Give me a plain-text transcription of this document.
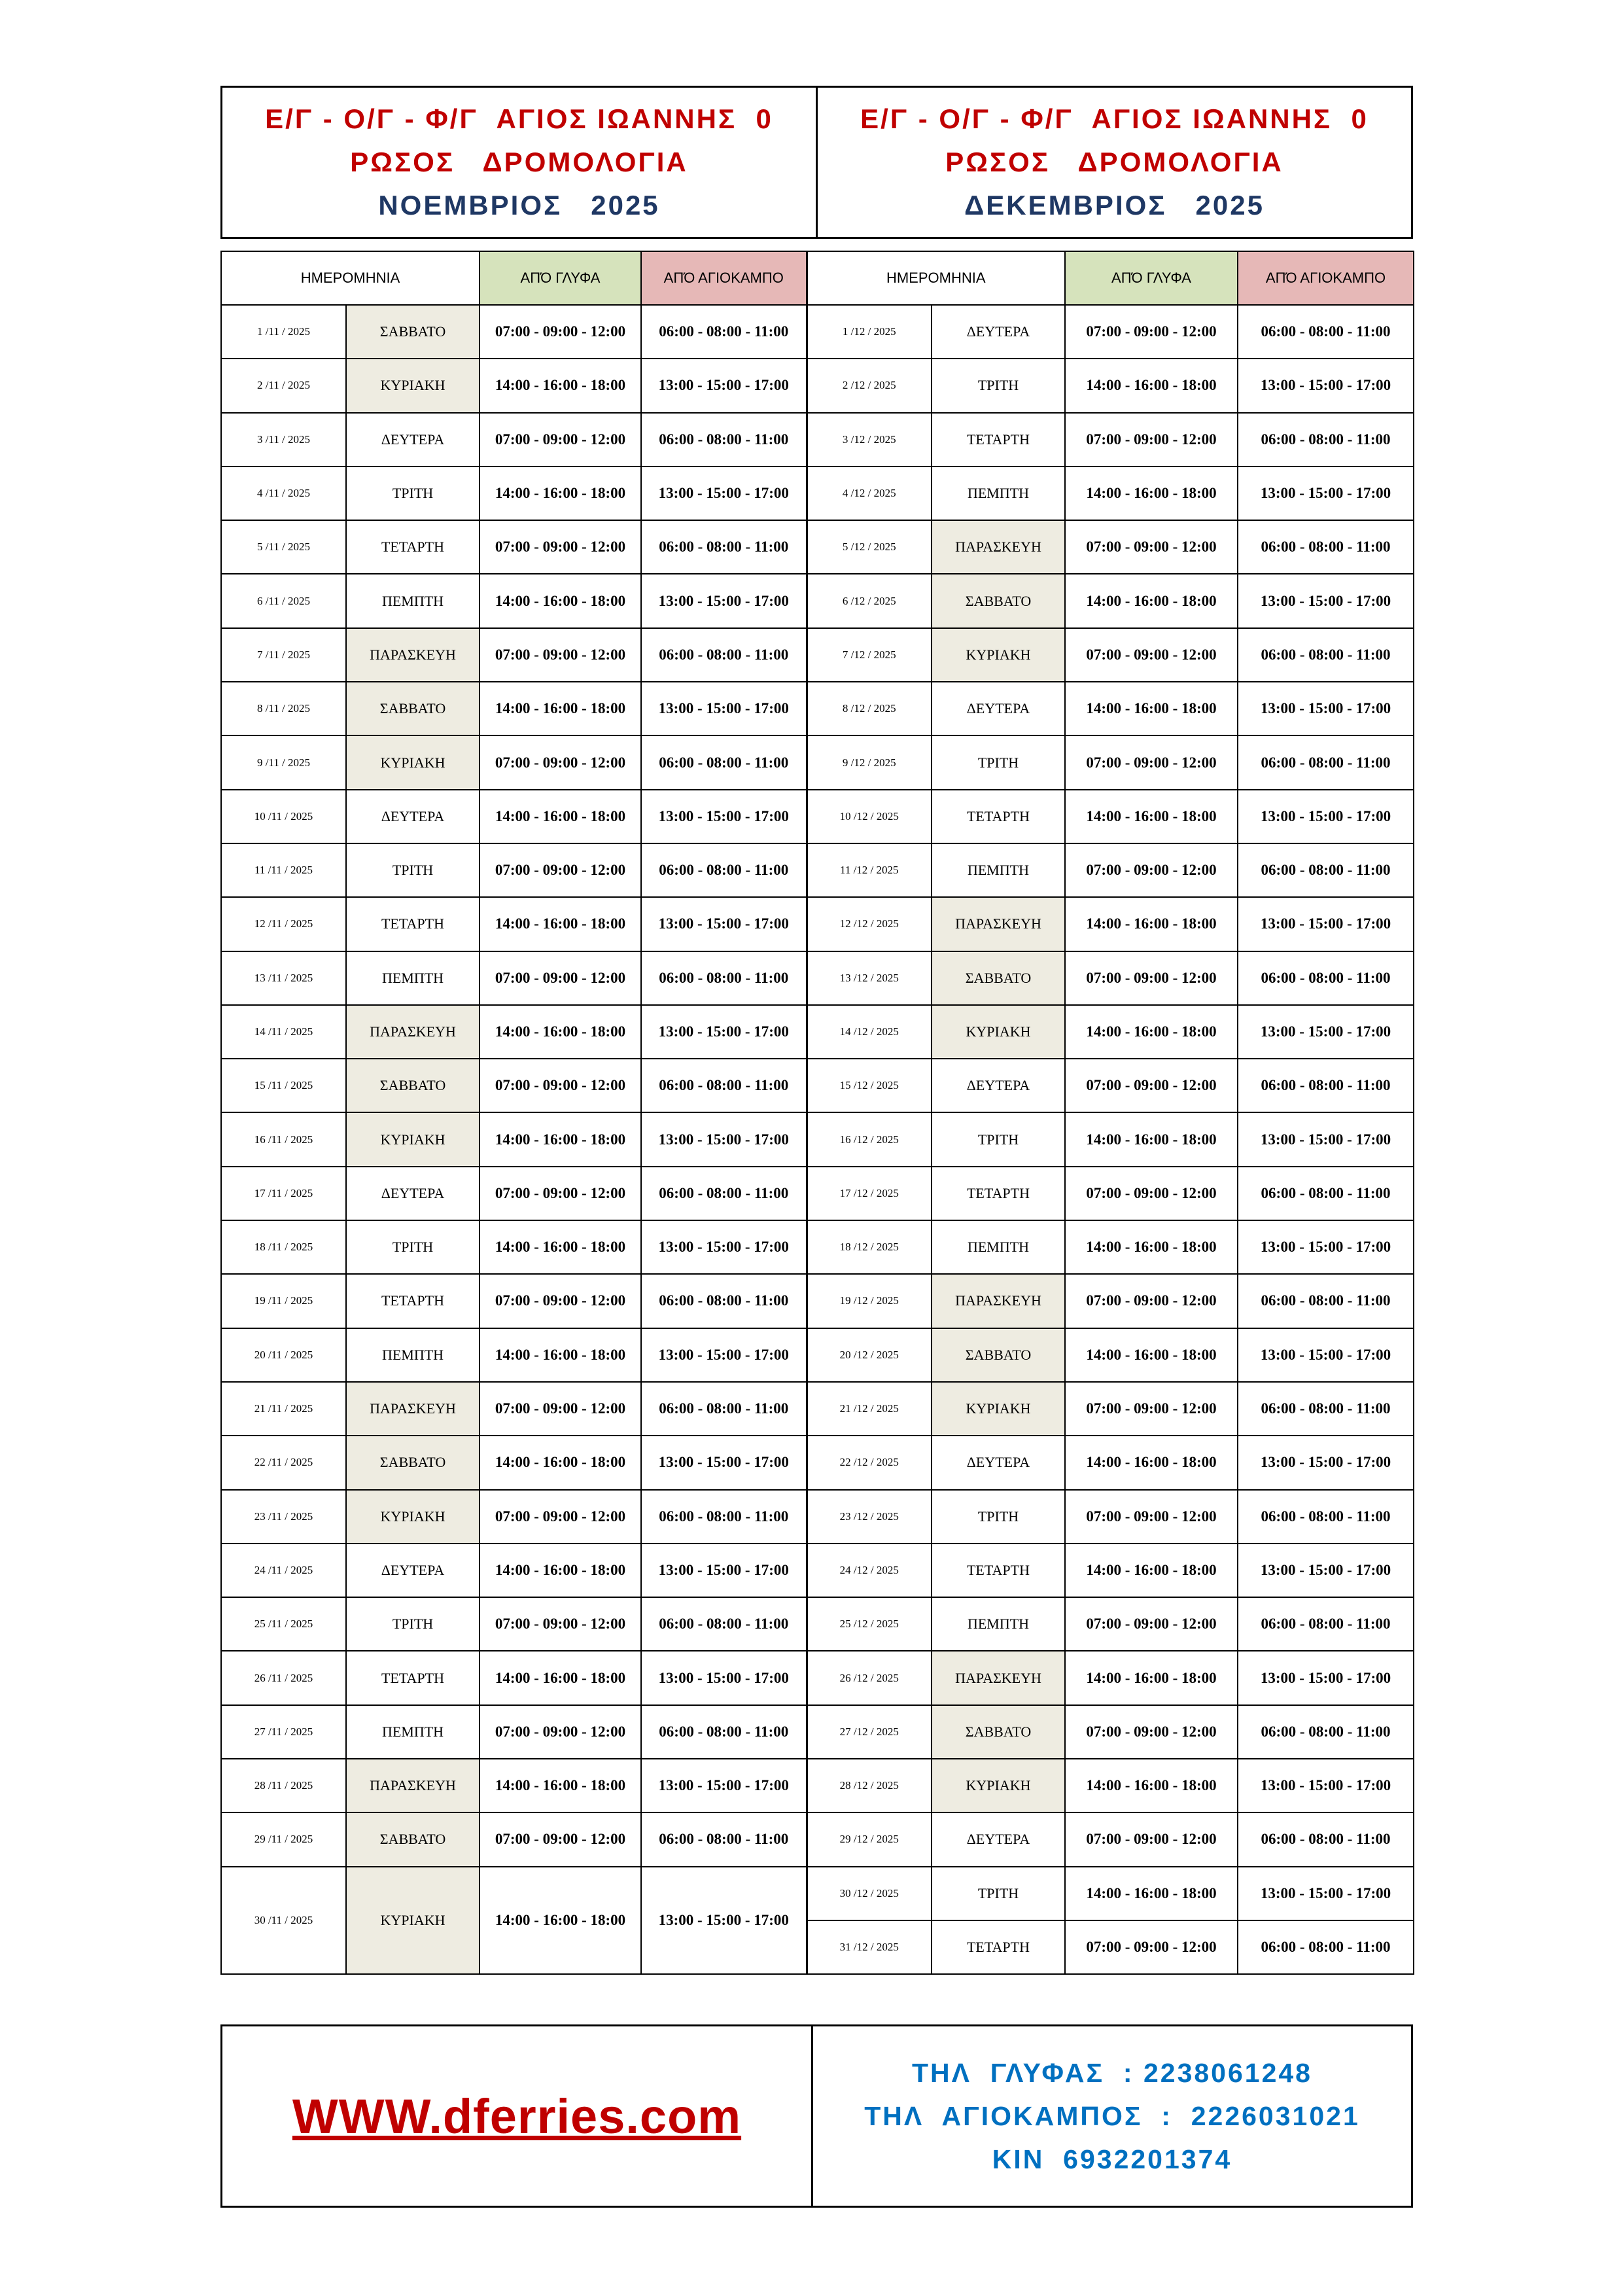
Ε/Γ - Ο/Γ - Φ/Γ  ΑΓΙΟΣ ΙΩΑΝΝΗΣ  0
ΡΩΣΟΣ   ΔΡΟΜΟΛΟΓΙΑ
ΝΟΕΜΒΡΙΟΣ   2025
Ε/Γ - Ο/Γ - Φ/Γ  ΑΓΙΟΣ ΙΩΑΝΝΗΣ  0
ΡΩΣΟΣ   ΔΡΟΜΟΛΟΓΙΑ
ΔΕΚΕΜΒΡΙΟΣ   2025
ΗΜΕΡΟΜΗΝΙΑ		ΑΠΌ ΓΛΥΦΑ	ΑΠΌ ΑΓΙΟΚΑΜΠΟ	ΗΜΕΡΟΜΗΝΙΑ		ΑΠΌ ΓΛΥΦΑ	ΑΠΌ ΑΓΙΟΚΑΜΠΟ
1 /11 / 2025	ΣΑΒΒΑΤΟ	07:00 - 09:00 - 12:00	06:00 - 08:00 - 11:00	1 /12 / 2025	ΔΕΥΤΕΡΑ	07:00 - 09:00 - 12:00	06:00 - 08:00 - 11:00
2 /11 / 2025	ΚΥΡΙΑΚΗ	14:00 - 16:00 - 18:00	13:00 - 15:00 - 17:00	2 /12 / 2025	ΤΡΙΤΗ	14:00 - 16:00 - 18:00	13:00 - 15:00 - 17:00
3 /11 / 2025	ΔΕΥΤΕΡΑ	07:00 - 09:00 - 12:00	06:00 - 08:00 - 11:00	3 /12 / 2025	ΤΕΤΑΡΤΗ	07:00 - 09:00 - 12:00	06:00 - 08:00 - 11:00
4 /11 / 2025	ΤΡΙΤΗ	14:00 - 16:00 - 18:00	13:00 - 15:00 - 17:00	4 /12 / 2025	ΠΕΜΠΤΗ	14:00 - 16:00 - 18:00	13:00 - 15:00 - 17:00
5 /11 / 2025	ΤΕΤΑΡΤΗ	07:00 - 09:00 - 12:00	06:00 - 08:00 - 11:00	5 /12 / 2025	ΠΑΡΑΣΚΕΥΗ	07:00 - 09:00 - 12:00	06:00 - 08:00 - 11:00
6 /11 / 2025	ΠΕΜΠΤΗ	14:00 - 16:00 - 18:00	13:00 - 15:00 - 17:00	6 /12 / 2025	ΣΑΒΒΑΤΟ	14:00 - 16:00 - 18:00	13:00 - 15:00 - 17:00
7 /11 / 2025	ΠΑΡΑΣΚΕΥΗ	07:00 - 09:00 - 12:00	06:00 - 08:00 - 11:00	7 /12 / 2025	ΚΥΡΙΑΚΗ	07:00 - 09:00 - 12:00	06:00 - 08:00 - 11:00
8 /11 / 2025	ΣΑΒΒΑΤΟ	14:00 - 16:00 - 18:00	13:00 - 15:00 - 17:00	8 /12 / 2025	ΔΕΥΤΕΡΑ	14:00 - 16:00 - 18:00	13:00 - 15:00 - 17:00
9 /11 / 2025	ΚΥΡΙΑΚΗ	07:00 - 09:00 - 12:00	06:00 - 08:00 - 11:00	9 /12 / 2025	ΤΡΙΤΗ	07:00 - 09:00 - 12:00	06:00 - 08:00 - 11:00
10 /11 / 2025	ΔΕΥΤΕΡΑ	14:00 - 16:00 - 18:00	13:00 - 15:00 - 17:00	10 /12 / 2025	ΤΕΤΑΡΤΗ	14:00 - 16:00 - 18:00	13:00 - 15:00 - 17:00
11 /11 / 2025	ΤΡΙΤΗ	07:00 - 09:00 - 12:00	06:00 - 08:00 - 11:00	11 /12 / 2025	ΠΕΜΠΤΗ	07:00 - 09:00 - 12:00	06:00 - 08:00 - 11:00
12 /11 / 2025	ΤΕΤΑΡΤΗ	14:00 - 16:00 - 18:00	13:00 - 15:00 - 17:00	12 /12 / 2025	ΠΑΡΑΣΚΕΥΗ	14:00 - 16:00 - 18:00	13:00 - 15:00 - 17:00
13 /11 / 2025	ΠΕΜΠΤΗ	07:00 - 09:00 - 12:00	06:00 - 08:00 - 11:00	13 /12 / 2025	ΣΑΒΒΑΤΟ	07:00 - 09:00 - 12:00	06:00 - 08:00 - 11:00
14 /11 / 2025	ΠΑΡΑΣΚΕΥΗ	14:00 - 16:00 - 18:00	13:00 - 15:00 - 17:00	14 /12 / 2025	ΚΥΡΙΑΚΗ	14:00 - 16:00 - 18:00	13:00 - 15:00 - 17:00
15 /11 / 2025	ΣΑΒΒΑΤΟ	07:00 - 09:00 - 12:00	06:00 - 08:00 - 11:00	15 /12 / 2025	ΔΕΥΤΕΡΑ	07:00 - 09:00 - 12:00	06:00 - 08:00 - 11:00
16 /11 / 2025	ΚΥΡΙΑΚΗ	14:00 - 16:00 - 18:00	13:00 - 15:00 - 17:00	16 /12 / 2025	ΤΡΙΤΗ	14:00 - 16:00 - 18:00	13:00 - 15:00 - 17:00
17 /11 / 2025	ΔΕΥΤΕΡΑ	07:00 - 09:00 - 12:00	06:00 - 08:00 - 11:00	17 /12 / 2025	ΤΕΤΑΡΤΗ	07:00 - 09:00 - 12:00	06:00 - 08:00 - 11:00
18 /11 / 2025	ΤΡΙΤΗ	14:00 - 16:00 - 18:00	13:00 - 15:00 - 17:00	18 /12 / 2025	ΠΕΜΠΤΗ	14:00 - 16:00 - 18:00	13:00 - 15:00 - 17:00
19 /11 / 2025	ΤΕΤΑΡΤΗ	07:00 - 09:00 - 12:00	06:00 - 08:00 - 11:00	19 /12 / 2025	ΠΑΡΑΣΚΕΥΗ	07:00 - 09:00 - 12:00	06:00 - 08:00 - 11:00
20 /11 / 2025	ΠΕΜΠΤΗ	14:00 - 16:00 - 18:00	13:00 - 15:00 - 17:00	20 /12 / 2025	ΣΑΒΒΑΤΟ	14:00 - 16:00 - 18:00	13:00 - 15:00 - 17:00
21 /11 / 2025	ΠΑΡΑΣΚΕΥΗ	07:00 - 09:00 - 12:00	06:00 - 08:00 - 11:00	21 /12 / 2025	ΚΥΡΙΑΚΗ	07:00 - 09:00 - 12:00	06:00 - 08:00 - 11:00
22 /11 / 2025	ΣΑΒΒΑΤΟ	14:00 - 16:00 - 18:00	13:00 - 15:00 - 17:00	22 /12 / 2025	ΔΕΥΤΕΡΑ	14:00 - 16:00 - 18:00	13:00 - 15:00 - 17:00
23 /11 / 2025	ΚΥΡΙΑΚΗ	07:00 - 09:00 - 12:00	06:00 - 08:00 - 11:00	23 /12 / 2025	ΤΡΙΤΗ	07:00 - 09:00 - 12:00	06:00 - 08:00 - 11:00
24 /11 / 2025	ΔΕΥΤΕΡΑ	14:00 - 16:00 - 18:00	13:00 - 15:00 - 17:00	24 /12 / 2025	ΤΕΤΑΡΤΗ	14:00 - 16:00 - 18:00	13:00 - 15:00 - 17:00
25 /11 / 2025	ΤΡΙΤΗ	07:00 - 09:00 - 12:00	06:00 - 08:00 - 11:00	25 /12 / 2025	ΠΕΜΠΤΗ	07:00 - 09:00 - 12:00	06:00 - 08:00 - 11:00
26 /11 / 2025	ΤΕΤΑΡΤΗ	14:00 - 16:00 - 18:00	13:00 - 15:00 - 17:00	26 /12 / 2025	ΠΑΡΑΣΚΕΥΗ	14:00 - 16:00 - 18:00	13:00 - 15:00 - 17:00
27 /11 / 2025	ΠΕΜΠΤΗ	07:00 - 09:00 - 12:00	06:00 - 08:00 - 11:00	27 /12 / 2025	ΣΑΒΒΑΤΟ	07:00 - 09:00 - 12:00	06:00 - 08:00 - 11:00
28 /11 / 2025	ΠΑΡΑΣΚΕΥΗ	14:00 - 16:00 - 18:00	13:00 - 15:00 - 17:00	28 /12 / 2025	ΚΥΡΙΑΚΗ	14:00 - 16:00 - 18:00	13:00 - 15:00 - 17:00
29 /11 / 2025	ΣΑΒΒΑΤΟ	07:00 - 09:00 - 12:00	06:00 - 08:00 - 11:00	29 /12 / 2025	ΔΕΥΤΕΡΑ	07:00 - 09:00 - 12:00	06:00 - 08:00 - 11:00
30 /11 / 2025	ΚΥΡΙΑΚΗ	14:00 - 16:00 - 18:00	13:00 - 15:00 - 17:00	30 /12 / 2025	ΤΡΙΤΗ	14:00 - 16:00 - 18:00	13:00 - 15:00 - 17:00
				31 /12 / 2025	ΤΕΤΑΡΤΗ	07:00 - 09:00 - 12:00	06:00 - 08:00 - 11:00
WWW.dferries.com
ΤΗΛ  ΓΛΥΦΑΣ  : 2238061248
ΤΗΛ  ΑΓΙΟΚΑΜΠΟΣ  :  2226031021
ΚΙΝ  6932201374
